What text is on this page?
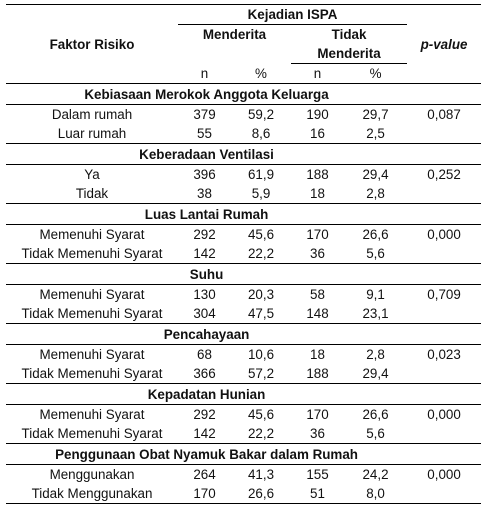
Faktor Risiko	Kejadian ISPA				p-value
	Menderita		Tidak
Menderita		

	n	%	n	%	
Kebiasaan Merokok Anggota Keluarga					
Dalam rumah	379	59,2	190	29,7	0,087
Luar rumah	55	8,6	16	2,5	
Keberadaan Ventilasi					
Ya	396	61,9	188	29,4	0,252
Tidak	38	5,9	18	2,8	
Luas Lantai Rumah					
Memenuhi Syarat	292	45,6	170	26,6	0,000
Tidak Memenuhi Syarat	142	22,2	36	5,6	
Suhu					
Memenuhi Syarat	130	20,3	58	9,1	0,709
Tidak Memenuhi Syarat	304	47,5	148	23,1	
Pencahayaan					
Memenuhi Syarat	68	10,6	18	2,8	0,023
Tidak Memenuhi Syarat	366	57,2	188	29,4	
Kepadatan Hunian					
Memenuhi Syarat	292	45,6	170	26,6	0,000
Tidak Memenuhi Syarat	142	22,2	36	5,6	
Penggunaan Obat Nyamuk Bakar dalam Rumah					
Menggunakan	264	41,3	155	24,2	0,000
Tidak Menggunakan	170	26,6	51	8,0	
